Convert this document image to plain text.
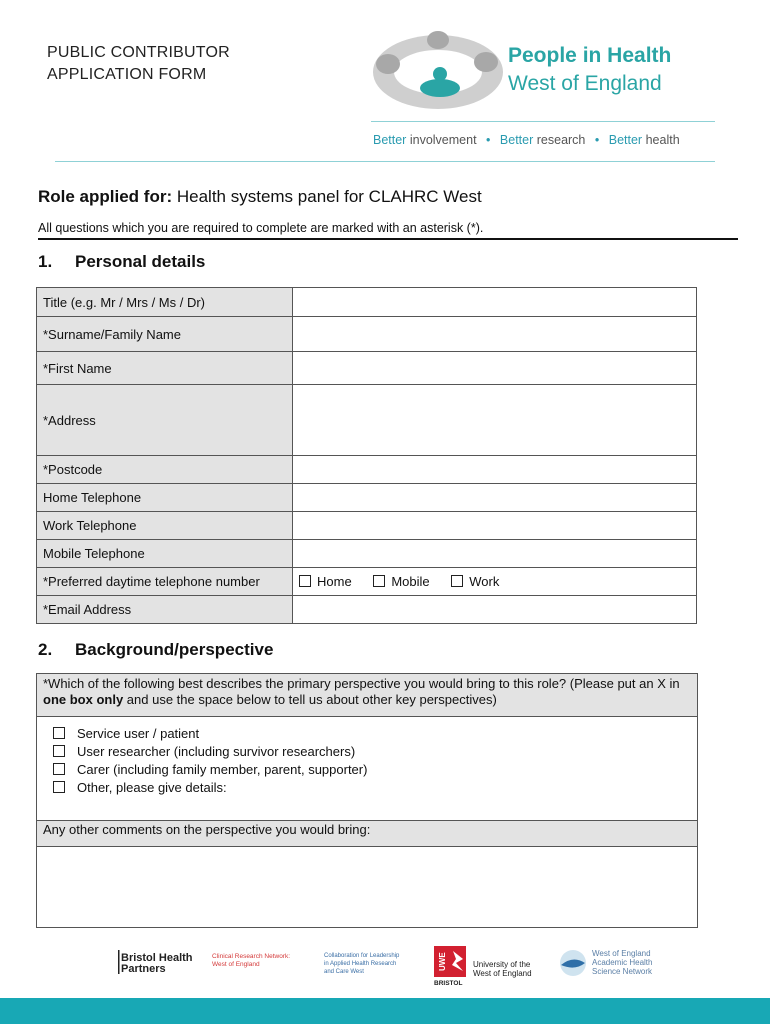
PUBLIC CONTRIBUTOR
APPLICATION FORM
People in Health
West of England
Better involvement • Better research • Better health
Role applied for: Health systems panel for CLAHRC West
All questions which you are required to complete are marked with an asterisk (*).
1. Personal details
Title (e.g. Mr / Mrs / Ms / Dr)	
*Surname/Family Name	
*First Name	
*Address	
*Postcode	
Home Telephone	
Work Telephone	
Mobile Telephone	
*Preferred daytime telephone number	Home Mobile Work
*Email Address	
2. Background/perspective
*Which of the following best describes the primary perspective you would bring to this role? (Please put an X in one box only and use the space below to tell us about other key perspectives)
Service user / patient
User researcher (including survivor researchers)
Carer (including family member, parent, supporter)
Other, please give details:
Any other comments on the perspective you would bring:
Bristol Health
Partners
Clinical Research Network:
West of England
Collaboration for Leadership
in Applied Health Research
and Care West
UWE
BRISTOL
University of the
West of England
West of England
Academic Health
Science Network
